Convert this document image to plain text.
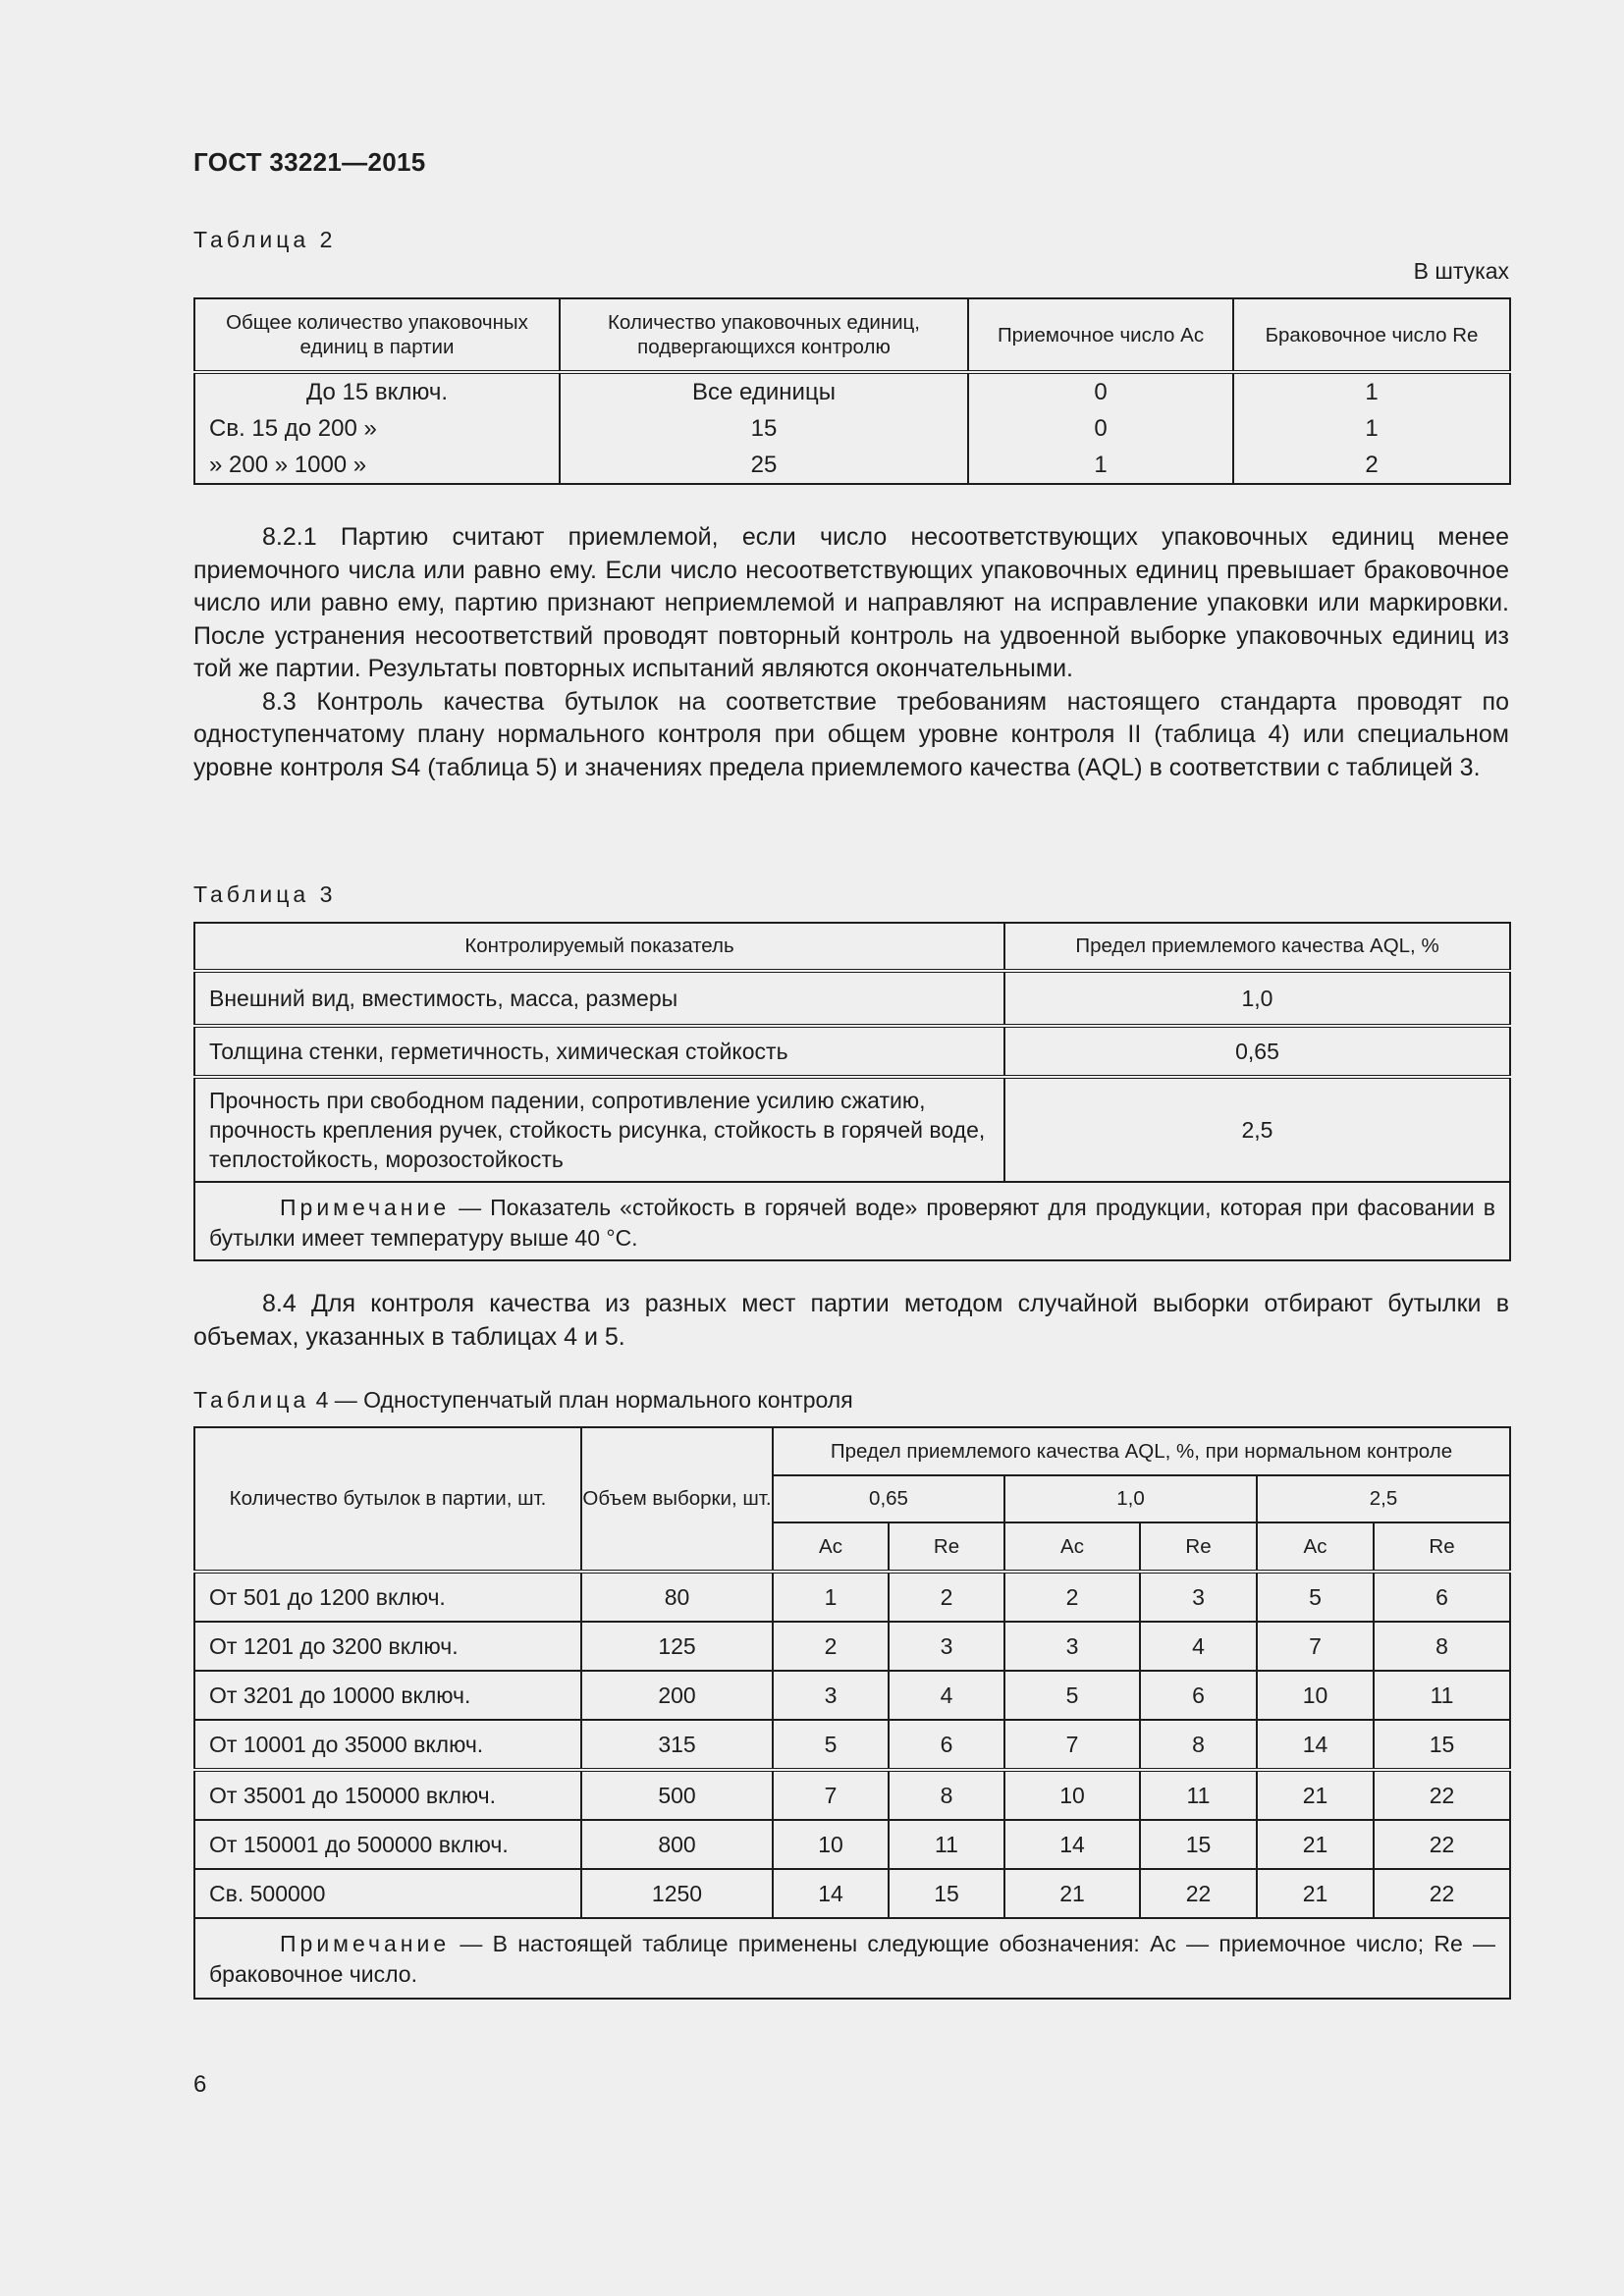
ГОСТ 33221—2015
Таблица 2
В штуках
Общее количество упаковочных единиц в партии	Количество упаковочных единиц, подвергающихся контролю	Приемочное число Ас	Браковочное число Re
До 15 включ.	Все единицы	0	1
Св. 15 до 200 »	15	0	1
» 200 » 1000 »	25	1	2

8.2.1 Партию считают приемлемой, если число несоответствующих упаковочных единиц менее приемочного числа или равно ему. Если число несоответствующих упаковочных единиц превышает браковочное число или равно ему, партию признают неприемлемой и направляют на исправление упаковки или маркировки. После устранения несоответствий проводят повторный контроль на удвоенной выборке упаковочных единиц из той же партии. Результаты повторных испытаний являются окончательными.

8.3 Контроль качества бутылок на соответствие требованиям настоящего стандарта проводят по одноступенчатому плану нормального контроля при общем уровне контроля II (таблица 4) или специальном уровне контроля S4 (таблица 5) и значениях предела приемлемого качества (AQL) в соответствии с таблицей 3.

Таблица 3
Контролируемый показатель	Предел приемлемого качества AQL, %
Внешний вид, вместимость, масса, размеры	1,0
Толщина стенки, герметичность, химическая стойкость	0,65
Прочность при свободном падении, сопротивление усилию сжатию, прочность крепления ручек, стойкость рисунка, стойкость в горячей воде, теплостойкость, морозостойкость	2,5
Примечание — Показатель «стойкость в горячей воде» проверяют для продукции, которая при фасовании в бутылки имеет температуру выше 40 °С.	

8.4 Для контроля качества из разных мест партии методом случайной выборки отбирают бутылки в объемах, указанных в таблицах 4 и 5.

Таблица 4 — Одноступенчатый план нормального контроля
Количество бутылок в партии, шт.	Объем выборки, шт.	Предел приемлемого качества AQL, %, при нормальном контроле					
		0,65		1,0		2,5	
		Ас	Re	Ас	Re	Ас	Re
От 501 до 1200 включ.	80	1	2	2	3	5	6
От 1201 до 3200 включ.	125	2	3	3	4	7	8
От 3201 до 10000 включ.	200	3	4	5	6	10	11
От 10001 до 35000 включ.	315	5	6	7	8	14	15
От 35001 до 150000 включ.	500	7	8	10	11	21	22
От 150001 до 500000 включ.	800	10	11	14	15	21	22
Св. 500000	1250	14	15	21	22	21	22
Примечание — В настоящей таблице применены следующие обозначения: Ас — приемочное число; Re — браковочное число.							
6
